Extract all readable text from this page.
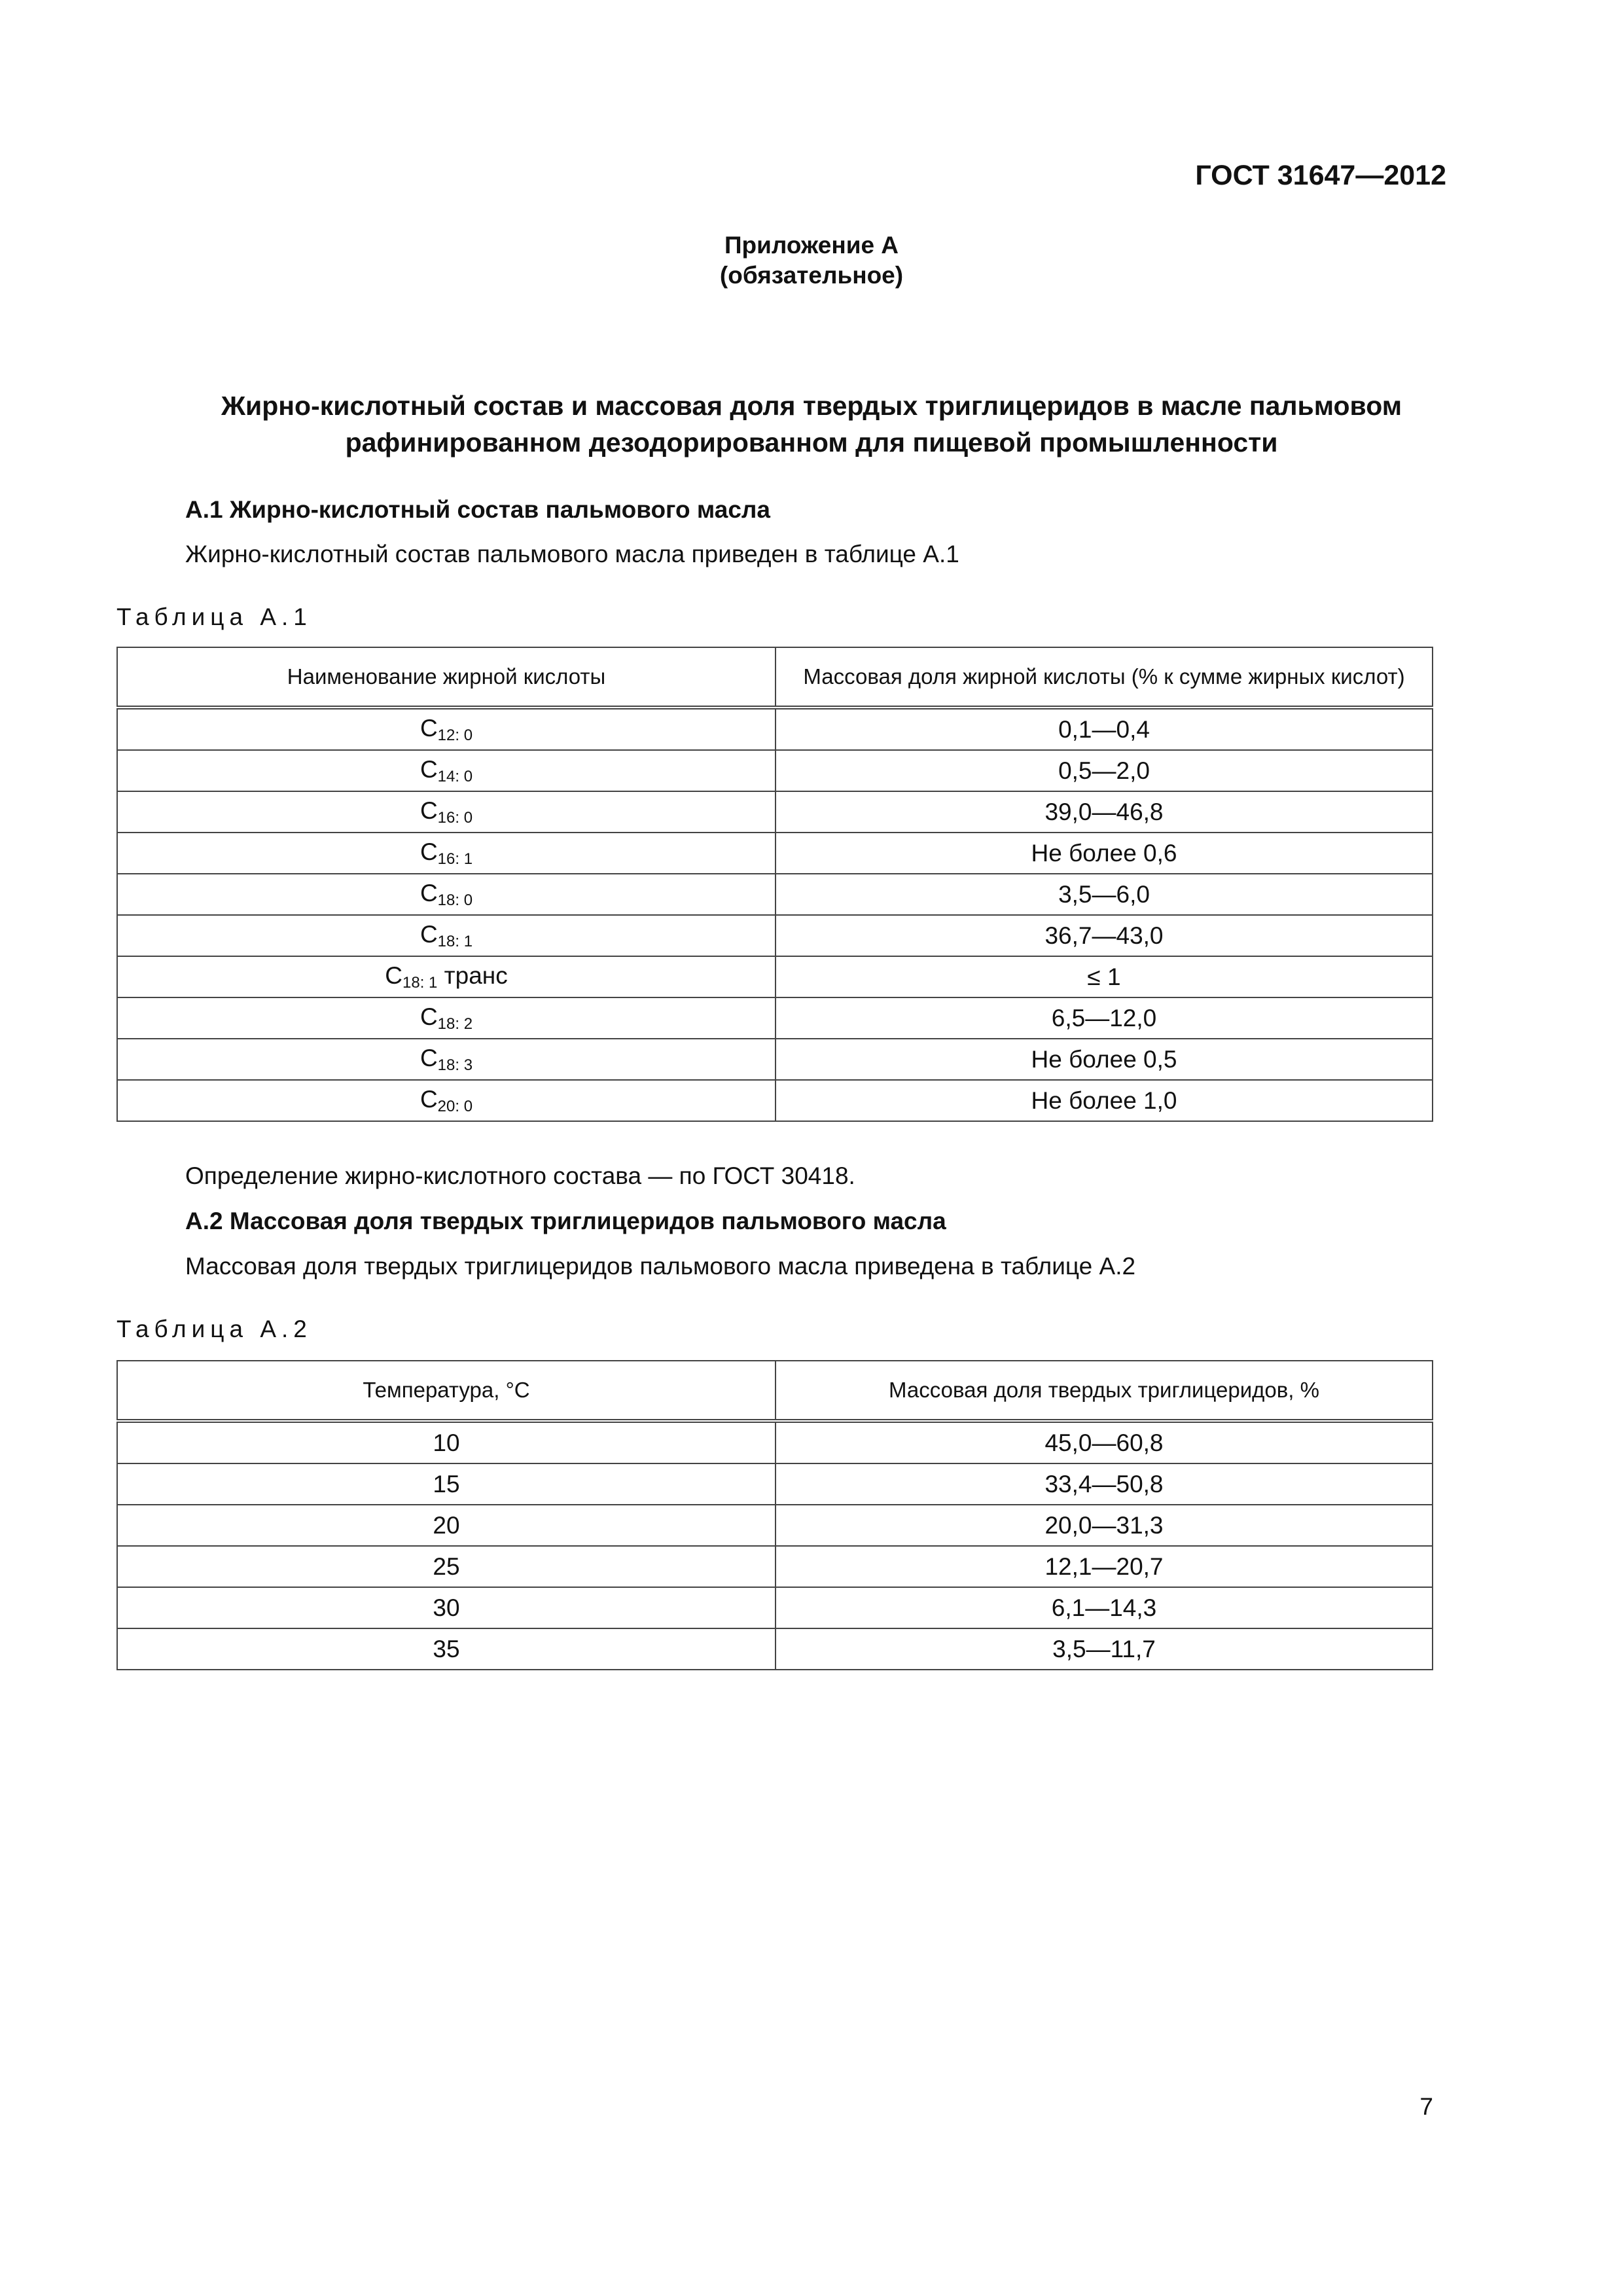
ГОСТ 31647—2012
Приложение А
(обязательное)
Жирно-кислотный состав и массовая доля твердых триглицеридов в масле пальмовом рафинированном дезодорированном для пищевой промышленности
А.1 Жирно-кислотный состав пальмового масла
Жирно-кислотный состав пальмового масла приведен в таблице А.1
Таблица А.1
Наименование жирной кислоты	Массовая доля жирной кислоты (% к сумме жирных кислот)
$C_{12: 0}$	0,1—0,4
$C_{14: 0}$	0,5—2,0
$C_{16: 0}$	39,0—46,8
$C_{16: 1}$	Не более 0,6
$C_{18: 0}$	3,5—6,0
$C_{18: 1}$	36,7—43,0
$C_{18: 1}$ транс	≤ 1
$C_{18: 2}$	6,5—12,0
$C_{18: 3}$	Не более 0,5
$C_{20: 0}$	Не более 1,0
Определение жирно-кислотного состава — по ГОСТ 30418.
А.2 Массовая доля твердых триглицеридов пальмового масла
Массовая доля твердых триглицеридов пальмового масла приведена в таблице А.2
Таблица А.2
Температура, °С	Массовая доля твердых триглицеридов, %
10	45,0—60,8
15	33,4—50,8
20	20,0—31,3
25	12,1—20,7
30	6,1—14,3
35	3,5—11,7
7
